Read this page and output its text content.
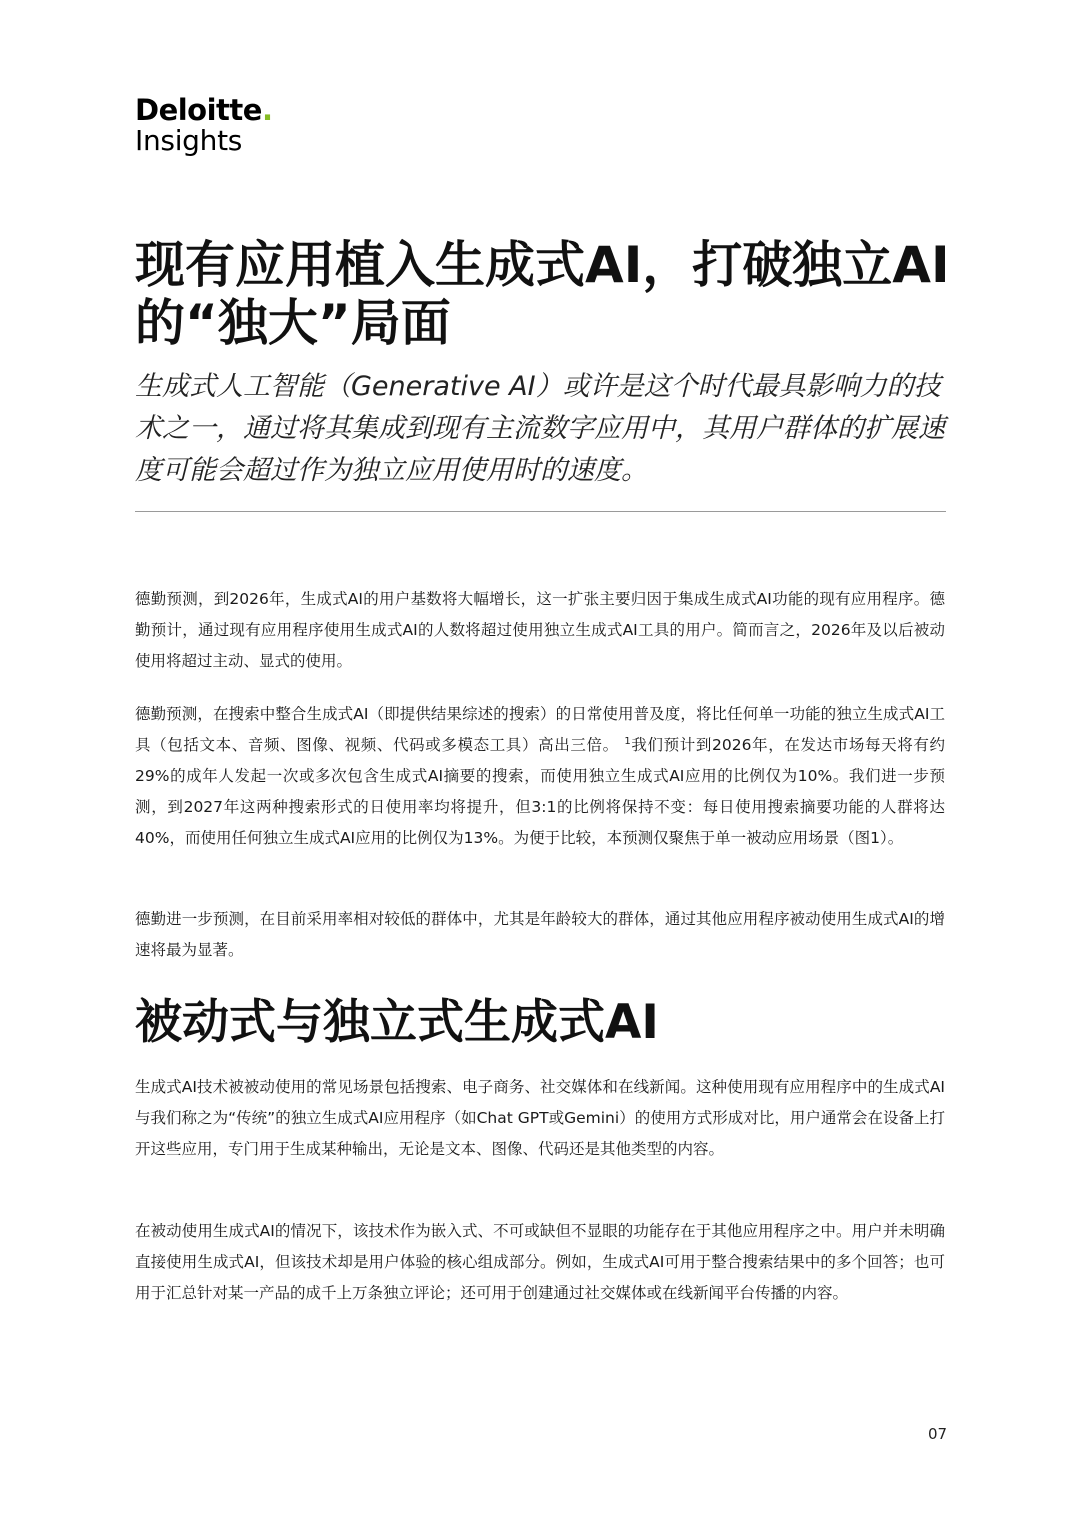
Deloitte.
Insights
现有应用植入生成式AI，打破独立AI的“独大”局面

生成式人工智能（Generative AI）或许是这个时代最具影响力的技术之一，通过将其集成到现有主流数字应用中，其用户群体的扩展速度可能会超过作为独立应用使用时的速度。

德勤预测，到2026年，生成式AI的用户基数将大幅增长，这一扩张主要归因于集成生成式AI功能的现有应用程序。德勤预计，通过现有应用程序使用生成式AI的人数将超过使用独立生成式AI工具的用户。简而言之，2026年及以后被动使用将超过主动、显式的使用。

德勤预测，在搜索中整合生成式AI（即提供结果综述的搜索）的日常使用普及度，将比任何单一功能的独立生成式AI工具（包括文本、音频、图像、视频、代码或多模态工具）高出三倍。 $^1$我们预计到2026年，在发达市场每天将有约29%的成年人发起一次或多次包含生成式AI摘要的搜索，而使用独立生成式AI应用的比例仅为10%。我们进一步预测，到2027年这两种搜索形式的日使用率均将提升，但3:1的比例将保持不变：每日使用搜索摘要功能的人群将达40%，而使用任何独立生成式AI应用的比例仅为13%。为便于比较，本预测仅聚焦于单一被动应用场景（图1）。

德勤进一步预测，在目前采用率相对较低的群体中，尤其是年龄较大的群体，通过其他应用程序被动使用生成式AI的增速将最为显著。

被动式与独立式生成式AI

生成式AI技术被被动使用的常见场景包括搜索、电子商务、社交媒体和在线新闻。这种使用现有应用程序中的生成式AI与我们称之为“传统”的独立生成式AI应用程序（如Chat GPT或Gemini）的使用方式形成对比，用户通常会在设备上打开这些应用，专门用于生成某种输出，无论是文本、图像、代码还是其他类型的内容。

在被动使用生成式AI的情况下，该技术作为嵌入式、不可或缺但不显眼的功能存在于其他应用程序之中。用户并未明确直接使用生成式AI，但该技术却是用户体验的核心组成部分。例如，生成式AI可用于整合搜索结果中的多个回答；也可用于汇总针对某一产品的成千上万条独立评论；还可用于创建通过社交媒体或在线新闻平台传播的内容。

07
